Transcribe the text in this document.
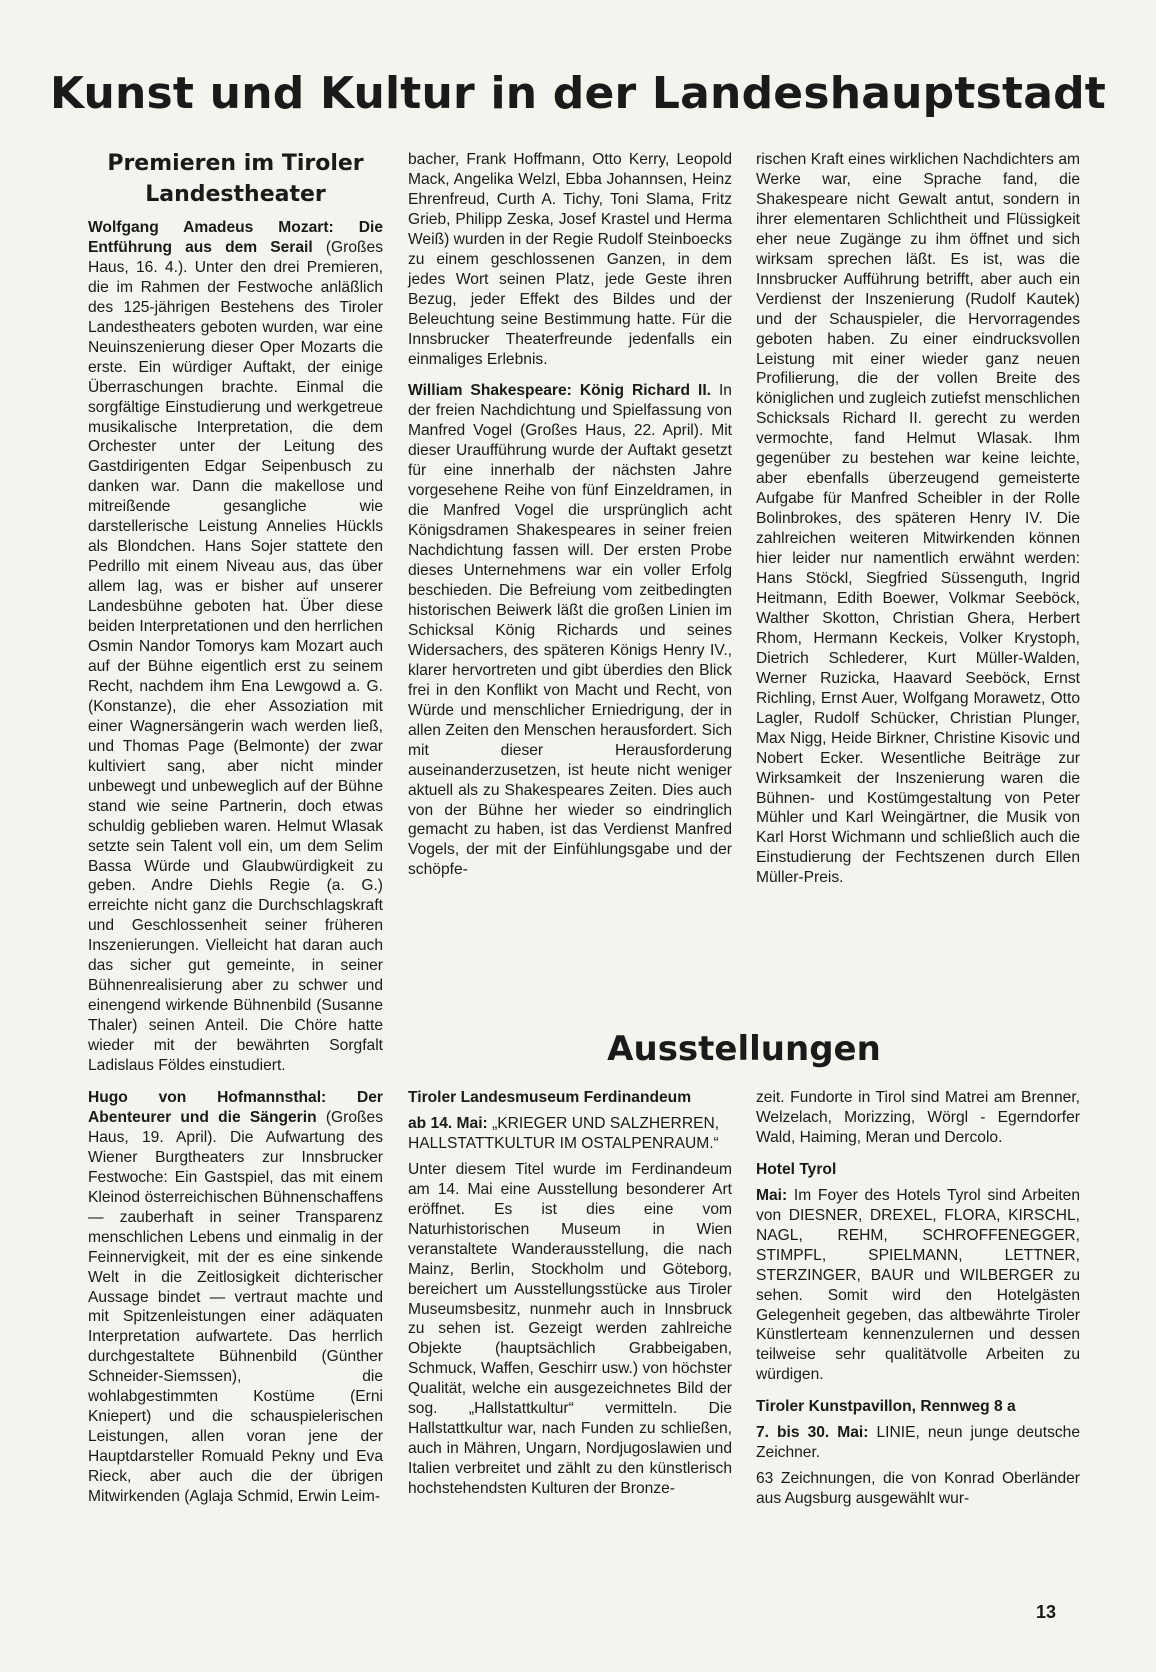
Kunst und Kultur in der Landeshauptstadt
Premieren im Tiroler Landestheater

Wolfgang Amadeus Mozart: Die Entführung aus dem Serail (Großes Haus, 16. 4.). Unter den drei Premieren, die im Rahmen der Festwoche anläßlich des 125-jährigen Bestehens des Tiroler Landestheaters geboten wurden, war eine Neuinszenierung dieser Oper Mozarts die erste. Ein würdiger Auftakt, der einige Überraschungen brachte. Einmal die sorgfältige Einstudierung und werkgetreue musikalische Interpretation, die dem Orchester unter der Leitung des Gastdirigenten Edgar Seipenbusch zu danken war. Dann die makellose und mitreißende gesangliche wie darstellerische Leistung Annelies Hückls als Blondchen. Hans Sojer stattete den Pedrillo mit einem Niveau aus, das über allem lag, was er bisher auf unserer Landesbühne geboten hat. Über diese beiden Interpretationen und den herrlichen Osmin Nandor Tomorys kam Mozart auch auf der Bühne eigentlich erst zu seinem Recht, nachdem ihm Ena Lewgowd a. G. (Konstanze), die eher Assoziation mit einer Wagnersängerin wach werden ließ, und Thomas Page (Belmonte) der zwar kultiviert sang, aber nicht minder unbewegt und unbeweglich auf der Bühne stand wie seine Partnerin, doch etwas schuldig geblieben waren. Helmut Wlasak setzte sein Talent voll ein, um dem Selim Bassa Würde und Glaubwürdigkeit zu geben. Andre Diehls Regie (a. G.) erreichte nicht ganz die Durchschlagskraft und Geschlossenheit seiner früheren Inszenierungen. Vielleicht hat daran auch das sicher gut gemeinte, in seiner Bühnenrealisierung aber zu schwer und einengend wirkende Bühnenbild (Susanne Thaler) seinen Anteil. Die Chöre hatte wieder mit der bewährten Sorgfalt Ladislaus Földes einstudiert.

Hugo von Hofmannsthal: Der Abenteurer und die Sängerin (Großes Haus, 19. April). Die Aufwartung des Wiener Burgtheaters zur Innsbrucker Festwoche: Ein Gastspiel, das mit einem Kleinod österreichischen Bühnenschaffens — zauberhaft in seiner Transparenz menschlichen Lebens und einmalig in der Feinnervigkeit, mit der es eine sinkende Welt in die Zeitlosigkeit dichterischer Aussage bindet — vertraut machte und mit Spitzenleistungen einer adäquaten Interpretation aufwartete. Das herrlich durchgestaltete Bühnenbild (Günther Schneider-Siemssen), die wohlabgestimmten Kostüme (Erni Kniepert) und die schauspielerischen Leistungen, allen voran jene der Hauptdarsteller Romuald Pekny und Eva Rieck, aber auch die der übrigen Mitwirkenden (Aglaja Schmid, Erwin Leim-

bacher, Frank Hoffmann, Otto Kerry, Leopold Mack, Angelika Welzl, Ebba Johannsen, Heinz Ehrenfreud, Curth A. Tichy, Toni Slama, Fritz Grieb, Philipp Zeska, Josef Krastel und Herma Weiß) wurden in der Regie Rudolf Steinboecks zu einem geschlossenen Ganzen, in dem jedes Wort seinen Platz, jede Geste ihren Bezug, jeder Effekt des Bildes und der Beleuchtung seine Bestimmung hatte. Für die Innsbrucker Theaterfreunde jedenfalls ein einmaliges Erlebnis.

William Shakespeare: König Richard II. In der freien Nachdichtung und Spielfassung von Manfred Vogel (Großes Haus, 22. April). Mit dieser Uraufführung wurde der Auftakt gesetzt für eine innerhalb der nächsten Jahre vorgesehene Reihe von fünf Einzeldramen, in die Manfred Vogel die ursprünglich acht Königsdramen Shakespeares in seiner freien Nachdichtung fassen will. Der ersten Probe dieses Unternehmens war ein voller Erfolg beschieden. Die Befreiung vom zeitbedingten historischen Beiwerk läßt die großen Linien im Schicksal König Richards und seines Widersachers, des späteren Königs Henry IV., klarer hervortreten und gibt überdies den Blick frei in den Konflikt von Macht und Recht, von Würde und menschlicher Erniedrigung, der in allen Zeiten den Menschen herausfordert. Sich mit dieser Herausforderung auseinanderzusetzen, ist heute nicht weniger aktuell als zu Shakespeares Zeiten. Dies auch von der Bühne her wieder so eindringlich gemacht zu haben, ist das Verdienst Manfred Vogels, der mit der Einfühlungsgabe und der schöpfe-

rischen Kraft eines wirklichen Nachdichters am Werke war, eine Sprache fand, die Shakespeare nicht Gewalt antut, sondern in ihrer elementaren Schlichtheit und Flüssigkeit eher neue Zugänge zu ihm öffnet und sich wirksam sprechen läßt. Es ist, was die Innsbrucker Aufführung betrifft, aber auch ein Verdienst der Inszenierung (Rudolf Kautek) und der Schauspieler, die Hervorragendes geboten haben. Zu einer eindrucksvollen Leistung mit einer wieder ganz neuen Profilierung, die der vollen Breite des königlichen und zugleich zutiefst menschlichen Schicksals Richard II. gerecht zu werden vermochte, fand Helmut Wlasak. Ihm gegenüber zu bestehen war keine leichte, aber ebenfalls überzeugend gemeisterte Aufgabe für Manfred Scheibler in der Rolle Bolinbrokes, des späteren Henry IV. Die zahlreichen weiteren Mitwirkenden können hier leider nur namentlich erwähnt werden: Hans Stöckl, Siegfried Süssenguth, Ingrid Heitmann, Edith Boewer, Volkmar Seeböck, Walther Skotton, Christian Ghera, Herbert Rhom, Hermann Keckeis, Volker Krystoph, Dietrich Schlederer, Kurt Müller-Walden, Werner Ruzicka, Haavard Seeböck, Ernst Richling, Ernst Auer, Wolfgang Morawetz, Otto Lagler, Rudolf Schücker, Christian Plunger, Max Nigg, Heide Birkner, Christine Kisovic und Nobert Ecker. Wesentliche Beiträge zur Wirksamkeit der Inszenierung waren die Bühnen- und Kostümgestaltung von Peter Mühler und Karl Weingärtner, die Musik von Karl Horst Wichmann und schließlich auch die Einstudierung der Fechtszenen durch Ellen Müller-Preis.

Ausstellungen

Tiroler Landesmuseum Ferdinandeum

ab 14. Mai: „KRIEGER UND SALZHERREN, HALLSTATTKULTUR IM OSTALPENRAUM.“

Unter diesem Titel wurde im Ferdinandeum am 14. Mai eine Ausstellung besonderer Art eröffnet. Es ist dies eine vom Naturhistorischen Museum in Wien veranstaltete Wanderausstellung, die nach Mainz, Berlin, Stockholm und Göteborg, bereichert um Ausstellungsstücke aus Tiroler Museumsbesitz, nunmehr auch in Innsbruck zu sehen ist. Gezeigt werden zahlreiche Objekte (hauptsächlich Grabbeigaben, Schmuck, Waffen, Geschirr usw.) von höchster Qualität, welche ein ausgezeichnetes Bild der sog. „Hallstattkultur“ vermitteln. Die Hallstattkultur war, nach Funden zu schließen, auch in Mähren, Ungarn, Nordjugoslawien und Italien verbreitet und zählt zu den künstlerisch hochstehendsten Kulturen der Bronze-

zeit. Fundorte in Tirol sind Matrei am Brenner, Welzelach, Morizzing, Wörgl - Egerndorfer Wald, Haiming, Meran und Dercolo.

Hotel Tyrol

Mai: Im Foyer des Hotels Tyrol sind Arbeiten von DIESNER, DREXEL, FLORA, KIRSCHL, NAGL, REHM, SCHROFFENEGGER, STIMPFL, SPIELMANN, LETTNER, STERZINGER, BAUR und WILBERGER zu sehen. Somit wird den Hotelgästen Gelegenheit gegeben, das altbewährte Tiroler Künstlerteam kennenzulernen und dessen teilweise sehr qualitätvolle Arbeiten zu würdigen.

Tiroler Kunstpavillon, Rennweg 8 a

7. bis 30. Mai: LINIE, neun junge deutsche Zeichner.

63 Zeichnungen, die von Konrad Oberländer aus Augsburg ausgewählt wur-

13
